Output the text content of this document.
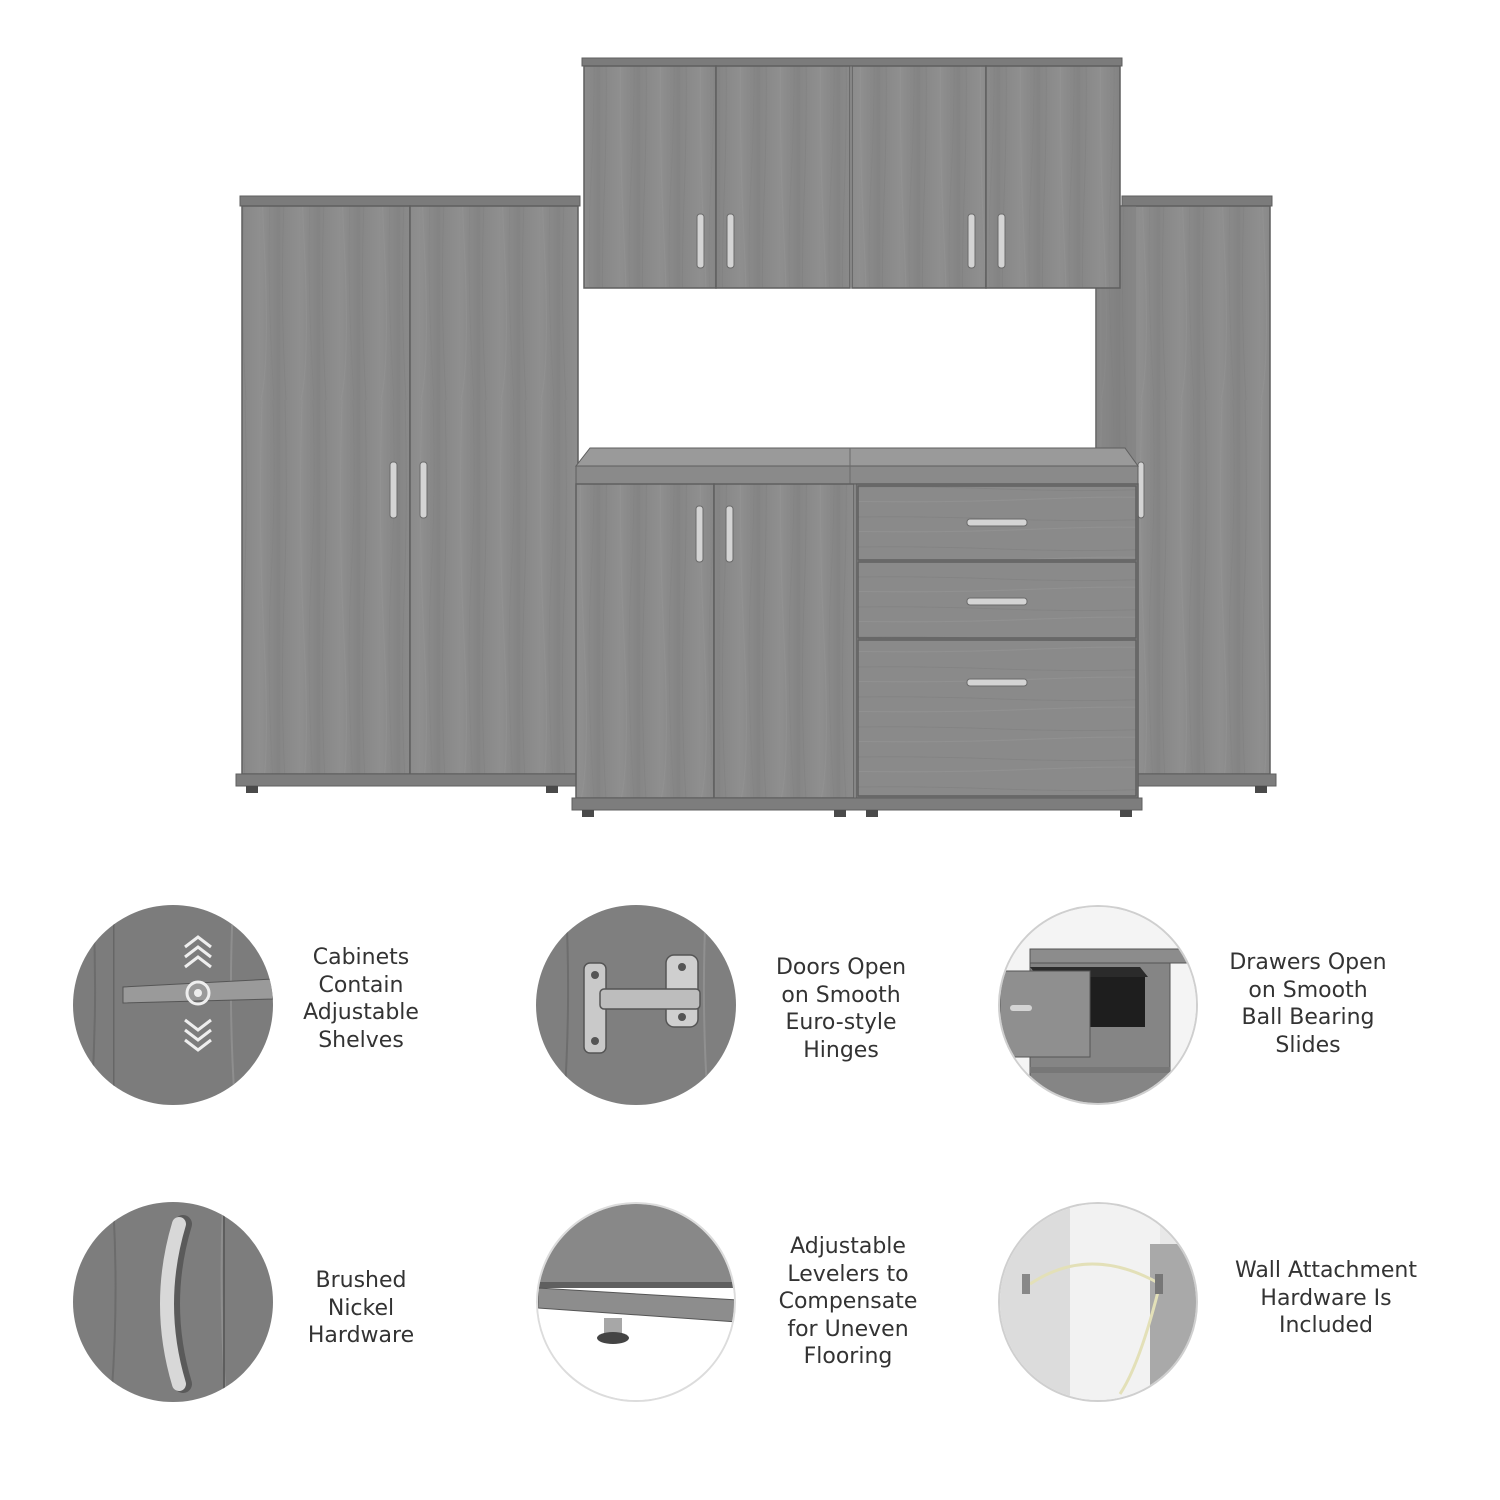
Cabinets
Contain
Adjustable
Shelves
Doors Open
on Smooth
Euro-style
Hinges
Drawers Open
on Smooth
Ball Bearing
Slides
Brushed
Nickel
Hardware
Adjustable
Levelers to
Compensate
for Uneven
Flooring
Wall Attachment
Hardware Is
Included
